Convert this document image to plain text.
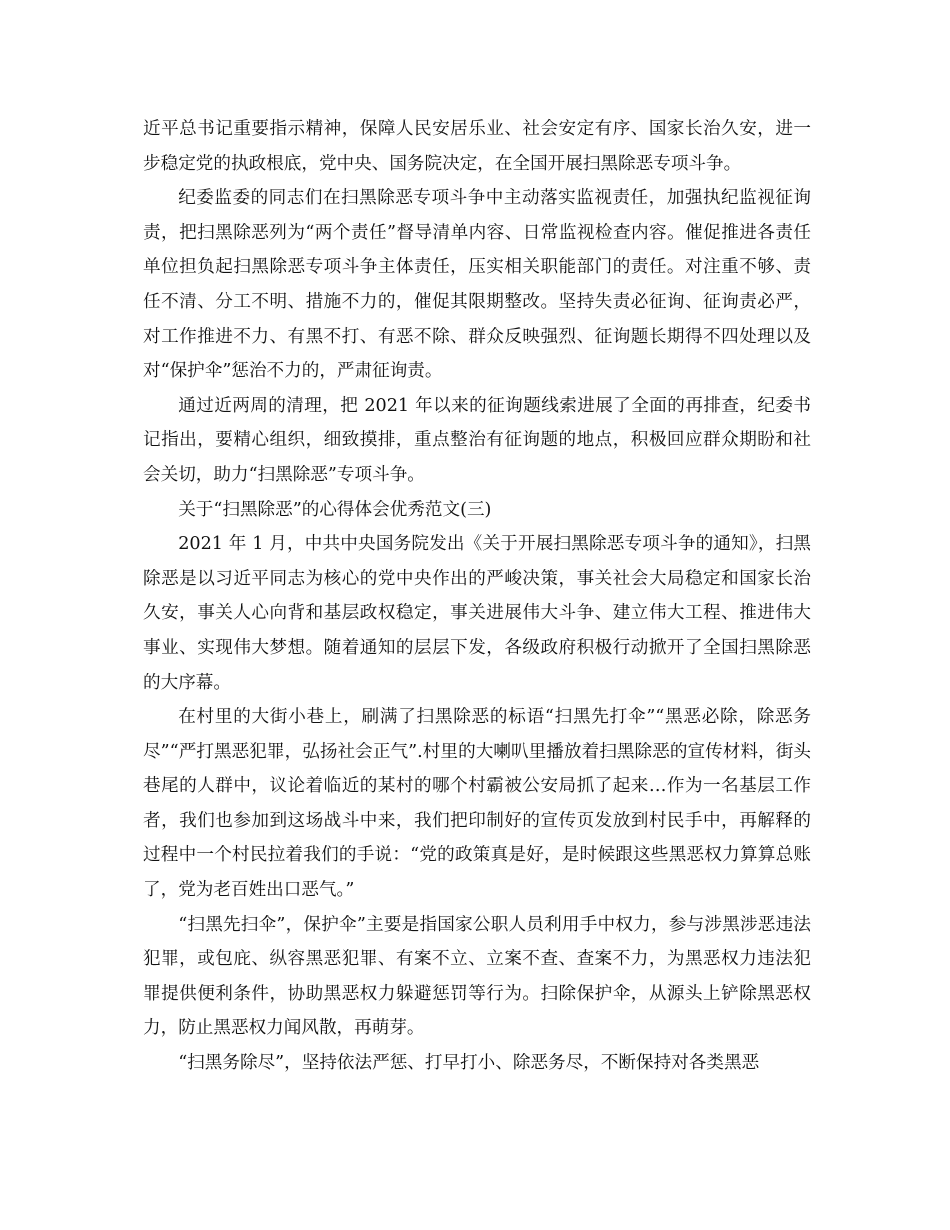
近平总书记重要指示精神，保障人民安居乐业、社会安定有序、国家长治久安，进一步稳定党的执政根底，党中央、国务院决定，在全国开展扫黑除恶专项斗争。

纪委监委的同志们在扫黑除恶专项斗争中主动落实监视责任，加强执纪监视征询责，把扫黑除恶列为“两个责任”督导清单内容、日常监视检查内容。催促推进各责任单位担负起扫黑除恶专项斗争主体责任，压实相关职能部门的责任。对注重不够、责任不清、分工不明、措施不力的，催促其限期整改。坚持失责必征询、征询责必严，对工作推进不力、有黑不打、有恶不除、群众反映强烈、征询题长期得不四处理以及对“保护伞”惩治不力的，严肃征询责。

通过近两周的清理，把 2021 年以来的征询题线索进展了全面的再排查，纪委书记指出，要精心组织，细致摸排，重点整治有征询题的地点，积极回应群众期盼和社会关切，助力“扫黑除恶”专项斗争。

关于“扫黑除恶”的心得体会优秀范文(三)

2021 年 1 月，中共中央国务院发出《关于开展扫黑除恶专项斗争的通知》，扫黑除恶是以习近平同志为核心的党中央作出的严峻决策，事关社会大局稳定和国家长治久安，事关人心向背和基层政权稳定，事关进展伟大斗争、建立伟大工程、推进伟大事业、实现伟大梦想。随着通知的层层下发，各级政府积极行动掀开了全国扫黑除恶的大序幕。

在村里的大街小巷上，刷满了扫黑除恶的标语“扫黑先打伞”“黑恶必除，除恶务尽”“严打黑恶犯罪，弘扬社会正气”.村里的大喇叭里播放着扫黑除恶的宣传材料，街头巷尾的人群中，议论着临近的某村的哪个村霸被公安局抓了起来…作为一名基层工作者，我们也参加到这场战斗中来，我们把印制好的宣传页发放到村民手中，再解释的过程中一个村民拉着我们的手说：“党的政策真是好，是时候跟这些黑恶权力算算总账了，党为老百姓出口恶气。”

“扫黑先扫伞”，保护伞”主要是指国家公职人员利用手中权力，参与涉黑涉恶违法犯罪，或包庇、纵容黑恶犯罪、有案不立、立案不查、查案不力，为黑恶权力违法犯罪提供便利条件，协助黑恶权力躲避惩罚等行为。扫除保护伞，从源头上铲除黑恶权力，防止黑恶权力闻风散，再萌芽。

“扫黑务除尽”，坚持依法严惩、打早打小、除恶务尽，不断保持对各类黑恶
